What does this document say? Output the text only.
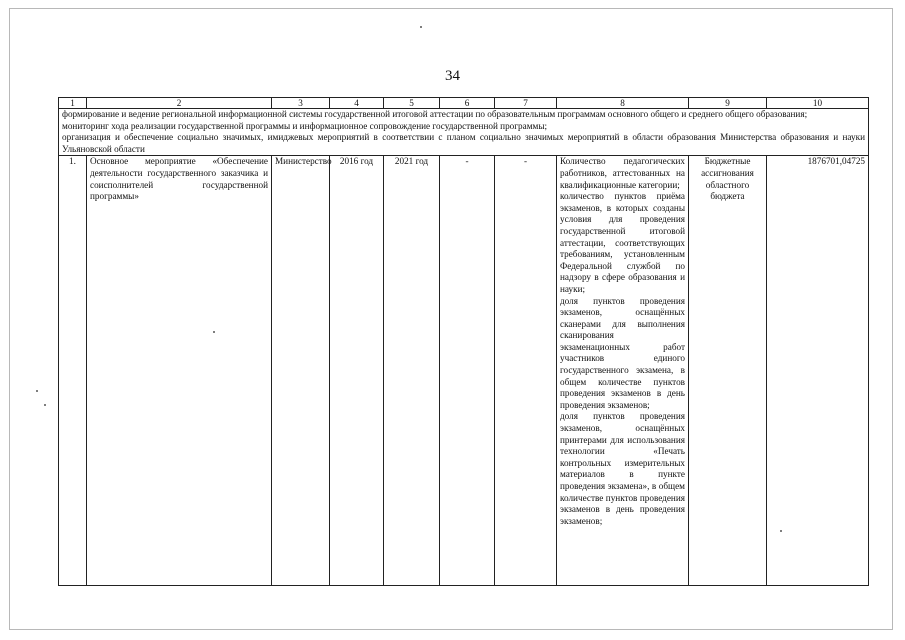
34
1	2	3	4	5	6	7	8	9	10

формирование и ведение региональной информационной системы государственной итоговой аттестации по образовательным программам основного общего и среднего общего образования;
мониторинг хода реализации государственной программы и информационное сопровождение государственной программы;
организация и обеспечение социально значимых, имиджевых мероприятий в соответствии с планом социально значимых мероприятий в области образования Министерства образования и науки Ульяновской области									

1.	Основное мероприятие «Обеспечение деятельности государственного заказчика и соисполнителей государственной программы»	Министерство	2016 год	2021 год	-	-	Количество педагогических работников, аттестованных на квалификационные категории;
количество пунктов приёма экзаменов, в которых созданы условия для проведения государственной итоговой аттестации, соответствующих требованиям, установленным Федеральной службой по надзору в сфере образования и науки;
доля пунктов проведения экзаменов, оснащённых сканерами для выполнения сканирования экзаменационных работ участников единого государственного экзамена, в общем количестве пунктов проведения экзаменов в день проведения экзаменов;
доля пунктов проведения экзаменов, оснащённых принтерами для использования технологии «Печать контрольных измерительных материалов в пункте проведения экзамена», в общем количестве пунктов проведения экзаменов в день проведения экзаменов;	Бюджетные ассигнования областного бюджета	1876701,04725
